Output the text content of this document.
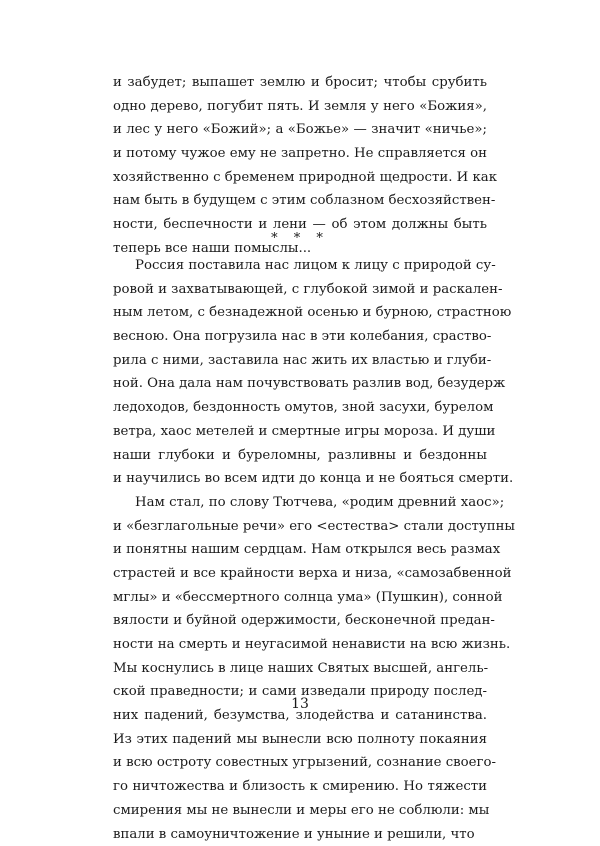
и забудет; выпашет землю и бросит; чтобы срубить
одно дерево, погубит пять. И земля у него «Божия»,
и лес у него «Божий»; а «Божье» — значит «ничье»;
и потому чужое ему не запретно. Не справляется он
хозяйственно с бременем природной щедрости. И как
нам быть в будущем с этим соблазном бесхозяйствен-
ности, беспечности и лени — об этом должны быть
теперь все наши помыслы...
* * *
Россия поставила нас лицом к лицу с природой су-
ровой и захватывающей, с глубокой зимой и раскален-
ным летом, с безнадежной осенью и бурною, страстною
весною. Она погрузила нас в эти колебания, сраство-
рила с ними, заставила нас жить их властью и глуби-
ной. Она дала нам почувствовать разлив вод, безудерж
ледоходов, бездонность омутов, зной засухи, бурелом
ветра, хаос метелей и смертные игры мороза. И души
наши глубоки и буреломны, разливны и бездонны
и научились во всем идти до конца и не бояться смерти.
Нам стал, по слову Тютчева, «родим древний хаос»;
и «безглагольные речи» его <естества> стали доступны
и понятны нашим сердцам. Нам открылся весь размах
страстей и все крайности верха и низа, «самозабвенной
мглы» и «бессмертного солнца ума» (Пушкин), сонной
вялости и буйной одержимости, бесконечной предан-
ности на смерть и неугасимой ненависти на всю жизнь.
Мы коснулись в лице наших Святых высшей, ангель-
ской праведности; и сами изведали природу послед-
них падений, безумства, злодейства и сатанинства.
Из этих падений мы вынесли всю полноту покаяния
и всю остроту совестных угрызений, сознание своего-
го ничтожества и близость к смирению. Но тяжести
смирения мы не вынесли и меры его не соблюли: мы
впали в самоуничтожение и уныние и решили, что
13
